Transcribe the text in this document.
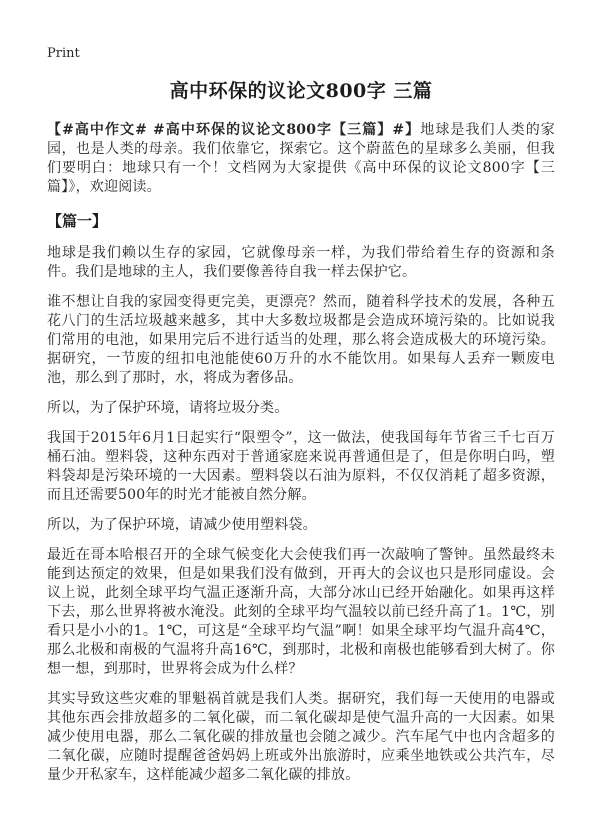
Print
高中环保的议论文800字 三篇

【#高中作文# #高中环保的议论文800字【三篇】#】地球是我们人类的家园，也是人类的母亲。我们依靠它，探索它。这个蔚蓝色的星球多么美丽，但我们要明白：地球只有一个！文档网为大家提供《高中环保的议论文800字【三篇】》，欢迎阅读。

【篇一】

地球是我们赖以生存的家园，它就像母亲一样，为我们带给着生存的资源和条件。我们是地球的主人，我们要像善待自我一样去保护它。

谁不想让自我的家园变得更完美，更漂亮？然而，随着科学技术的发展，各种五花八门的生活垃圾越来越多，其中大多数垃圾都是会造成环境污染的。比如说我们常用的电池，如果用完后不进行适当的处理，那么将会造成极大的环境污染。据研究，一节废的纽扣电池能使60万升的水不能饮用。如果每人丢弃一颗废电池，那么到了那时，水，将成为奢侈品。

所以，为了保护环境，请将垃圾分类。

我国于2015年6月1日起实行“限塑令”，这一做法，使我国每年节省三千七百万桶石油。塑料袋，这种东西对于普通家庭来说再普通但是了，但是你明白吗，塑料袋却是污染环境的一大因素。塑料袋以石油为原料，不仅仅消耗了超多资源，而且还需要500年的时光才能被自然分解。

所以，为了保护环境，请减少使用塑料袋。

最近在哥本哈根召开的全球气候变化大会使我们再一次敲响了警钟。虽然最终未能到达预定的效果，但是如果我们没有做到，开再大的会议也只是形同虚设。会议上说，此刻全球平均气温正逐渐升高，大部分冰山已经开始融化。如果再这样下去，那么世界将被水淹没。此刻的全球平均气温较以前已经升高了1。1℃，别看只是小小的1。1℃，可这是“全球平均气温”啊！如果全球平均气温升高4℃，那么北极和南极的气温将升高16℃，到那时，北极和南极也能够看到大树了。你想一想，到那时，世界将会成为什么样？

其实导致这些灾难的罪魁祸首就是我们人类。据研究，我们每一天使用的电器或其他东西会排放超多的二氧化碳，而二氧化碳却是使气温升高的一大因素。如果减少使用电器，那么二氧化碳的排放量也会随之减少。汽车尾气中也内含超多的二氧化碳，应随时提醒爸爸妈妈上班或外出旅游时，应乘坐地铁或公共汽车，尽量少开私家车，这样能减少超多二氧化碳的排放。
